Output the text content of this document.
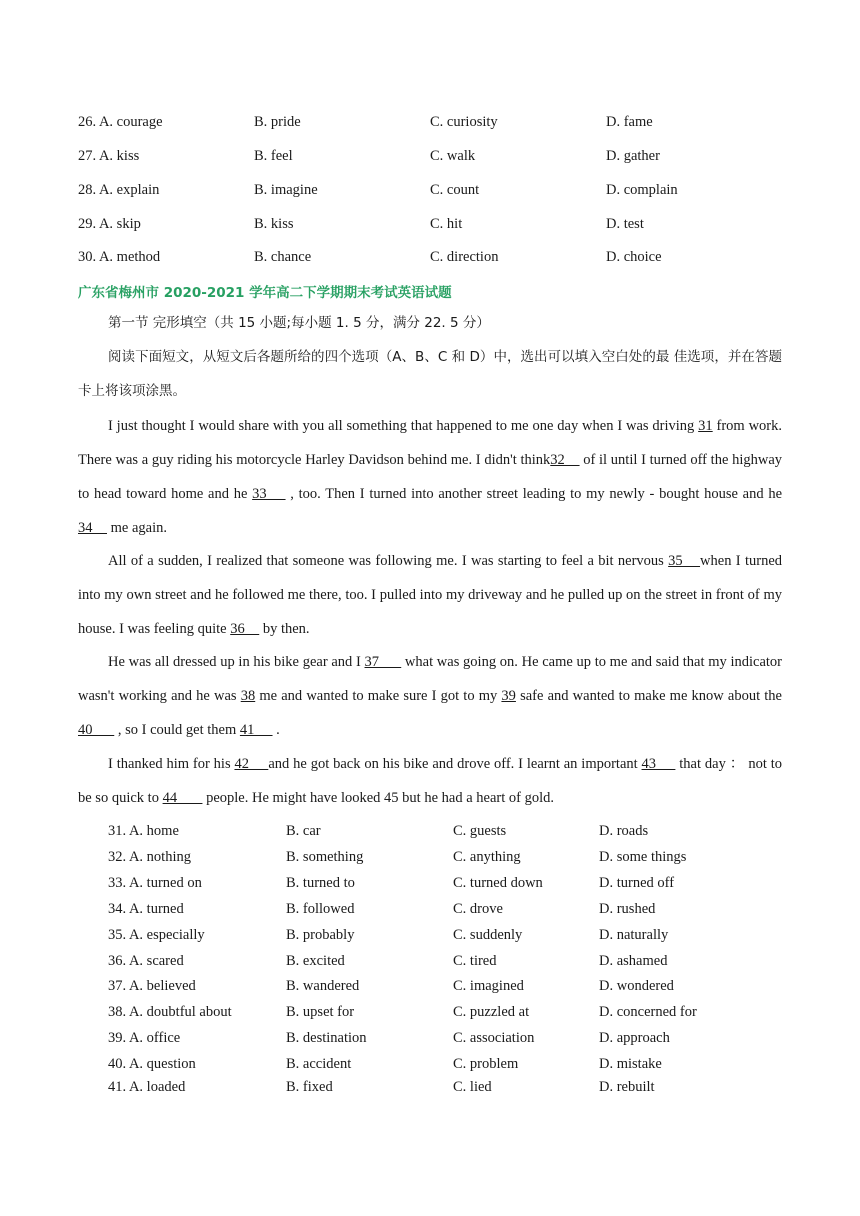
26. A. courage	B. pride	C. curiosity	D. fame
27. A. kiss	B. feel	C. walk	D. gather
28. A. explain	B. imagine	C. count	D. complain
29. A. skip	B. kiss	C. hit	D. test
30. A. method	B. chance	C. direction	D. choice
广东省梅州市 2020-2021 学年高二下学期期末考试英语试题

第一节 完形填空（共 15 小题;每小题 1. 5 分，满分 22. 5 分）

阅读下面短文，从短文后各题所给的四个选项（A、B、C 和 D）中，选出可以填入空白处的最 佳选项，并在答题卡上将该项涂黑。

I just thought I would share with you all something that happened to me one day when I was driving 31 from work. There was a guy riding his motorcycle Harley Davidson behind me. I didn't think32     of il until I turned off the highway to head toward home and he 33     , too. Then I turned into another street leading to my newly - bought house and he 34     me again.

All of a sudden, I realized that someone was following me. I was starting to feel a bit nervous 35    when I turned into my own street and he followed me there, too. I pulled into my driveway and he pulled up on the street in front of my house. I was feeling quite 36     by then.

He was all dressed up in his bike gear and I 37       what was going on. He came up to me and said that my indicator wasn't working and he was 38 me and wanted to make sure I got to my 39 safe and wanted to make me know about the 40       , so I could get them 41      .

I thanked him for his 42     and he got back on his bike and drove off. I learnt an important 43      that day ： not to be so quick to 44        people. He might have looked 45 but he had a heart of gold.

31. A. home	B. car	C. guests	D. roads
32. A. nothing	B. something	C. anything	D. some things
33. A. turned on	B. turned to	C. turned down	D. turned off
34. A. turned	B. followed	C. drove	D. rushed
35. A. especially	B. probably	C. suddenly	D. naturally
36. A. scared	B. excited	C. tired	D. ashamed
37. A. believed	B. wandered	C. imagined	D. wondered
38. A. doubtful about	B. upset for	C. puzzled at	D. concerned for
39. A. office	B. destination	C. association	D. approach
40. A. question	B. accident	C. problem	D. mistake
41. A. loaded	B. fixed	C. lied	D. rebuilt
